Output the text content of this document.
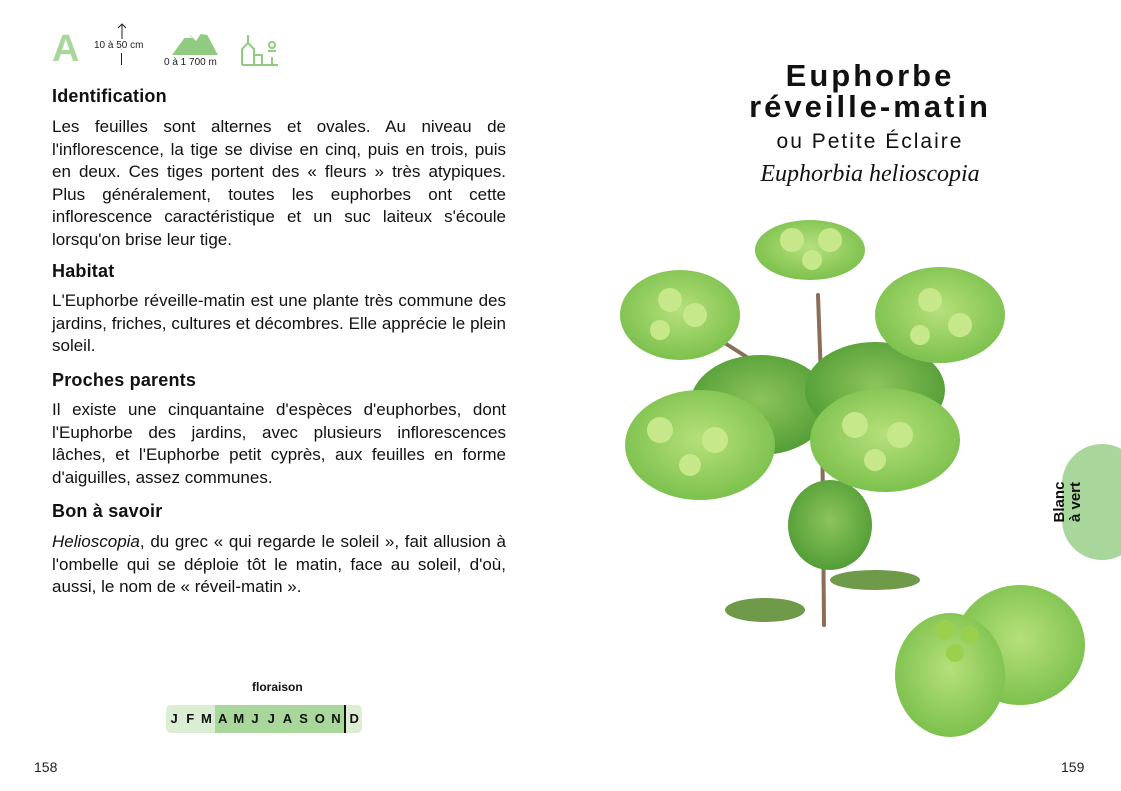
A 10 à 50 cm
0 à 1 700 m
Identification

Les feuilles sont alternes et ovales. Au niveau de l'inflorescence, la tige se divise en cinq, puis en trois, puis en deux. Ces tiges portent des « fleurs » très atypiques. Plus généralement, toutes les euphorbes ont cette inflorescence caractéristique et un suc laiteux s'écoule lorsqu'on brise leur tige.

Habitat

L'Euphorbe réveille-matin est une plante très commune des jardins, friches, cultures et décombres. Elle apprécie le plein soleil.

Proches parents

Il existe une cinquantaine d'espèces d'euphorbes, dont l'Euphorbe des jardins, avec plusieurs inflorescences lâches, et l'Euphorbe petit cyprès, aux feuilles en forme d'aiguilles, assez communes.

Bon à savoir

Helioscopia, du grec « qui regarde le soleil », fait allusion à l'ombelle qui se déploie tôt le matin, face au soleil, d'où, aussi, le nom de « réveil-matin ».

floraison
J F M A M J J A S O N D
158	159
Euphorbe
réveille-matin
ou Petite Éclaire
Euphorbia helioscopia
Blanc à vert
